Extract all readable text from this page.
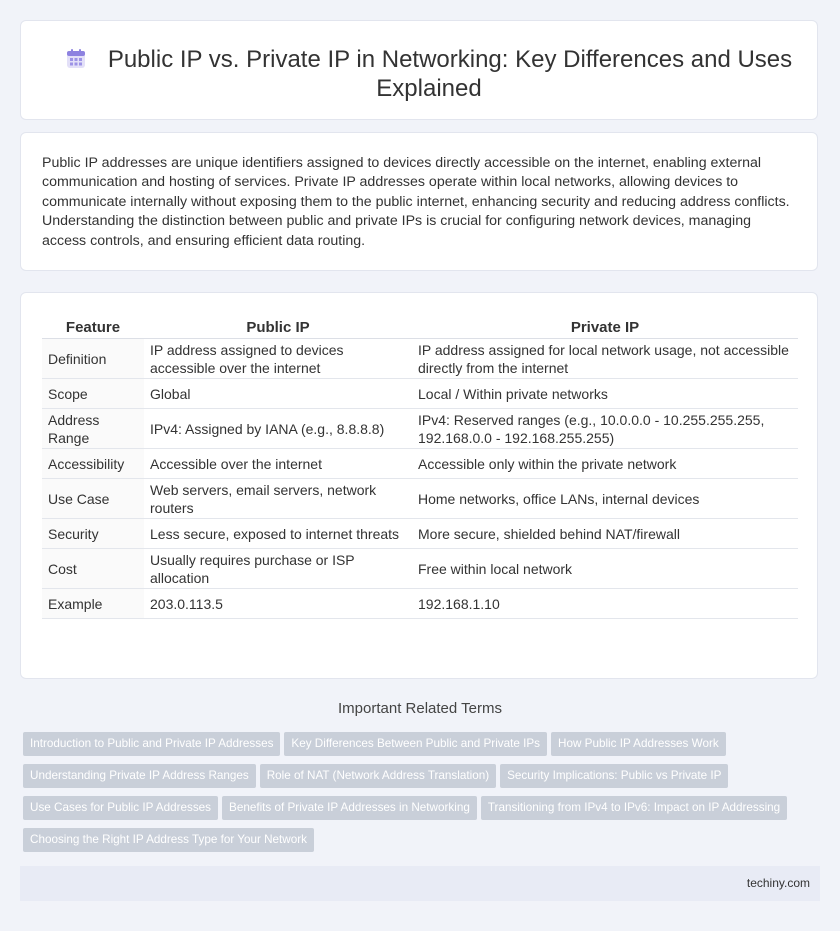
Public IP vs. Private IP in Networking: Key Differences and Uses Explained
Public IP addresses are unique identifiers assigned to devices directly accessible on the internet, enabling external communication and hosting of services. Private IP addresses operate within local networks, allowing devices to communicate internally without exposing them to the public internet, enhancing security and reducing address conflicts. Understanding the distinction between public and private IPs is crucial for configuring network devices, managing access controls, and ensuring efficient data routing.
Feature	Public IP	Private IP
Definition	IP address assigned to devices accessible over the internet	IP address assigned for local network usage, not accessible directly from the internet
Scope	Global	Local / Within private networks
Address Range	IPv4: Assigned by IANA (e.g., 8.8.8.8)	IPv4: Reserved ranges (e.g., 10.0.0.0 - 10.255.255.255, 192.168.0.0 - 192.168.255.255)
Accessibility	Accessible over the internet	Accessible only within the private network
Use Case	Web servers, email servers, network routers	Home networks, office LANs, internal devices
Security	Less secure, exposed to internet threats	More secure, shielded behind NAT/firewall
Cost	Usually requires purchase or ISP allocation	Free within local network
Example	203.0.113.5	192.168.1.10
Important Related Terms
Introduction to Public and Private IP Addresses Key Differences Between Public and Private IPs How Public IP Addresses Work
Understanding Private IP Address Ranges Role of NAT (Network Address Translation) Security Implications: Public vs Private IP
Use Cases for Public IP Addresses Benefits of Private IP Addresses in Networking Transitioning from IPv4 to IPv6: Impact on IP Addressing
Choosing the Right IP Address Type for Your Network
techiny.com
